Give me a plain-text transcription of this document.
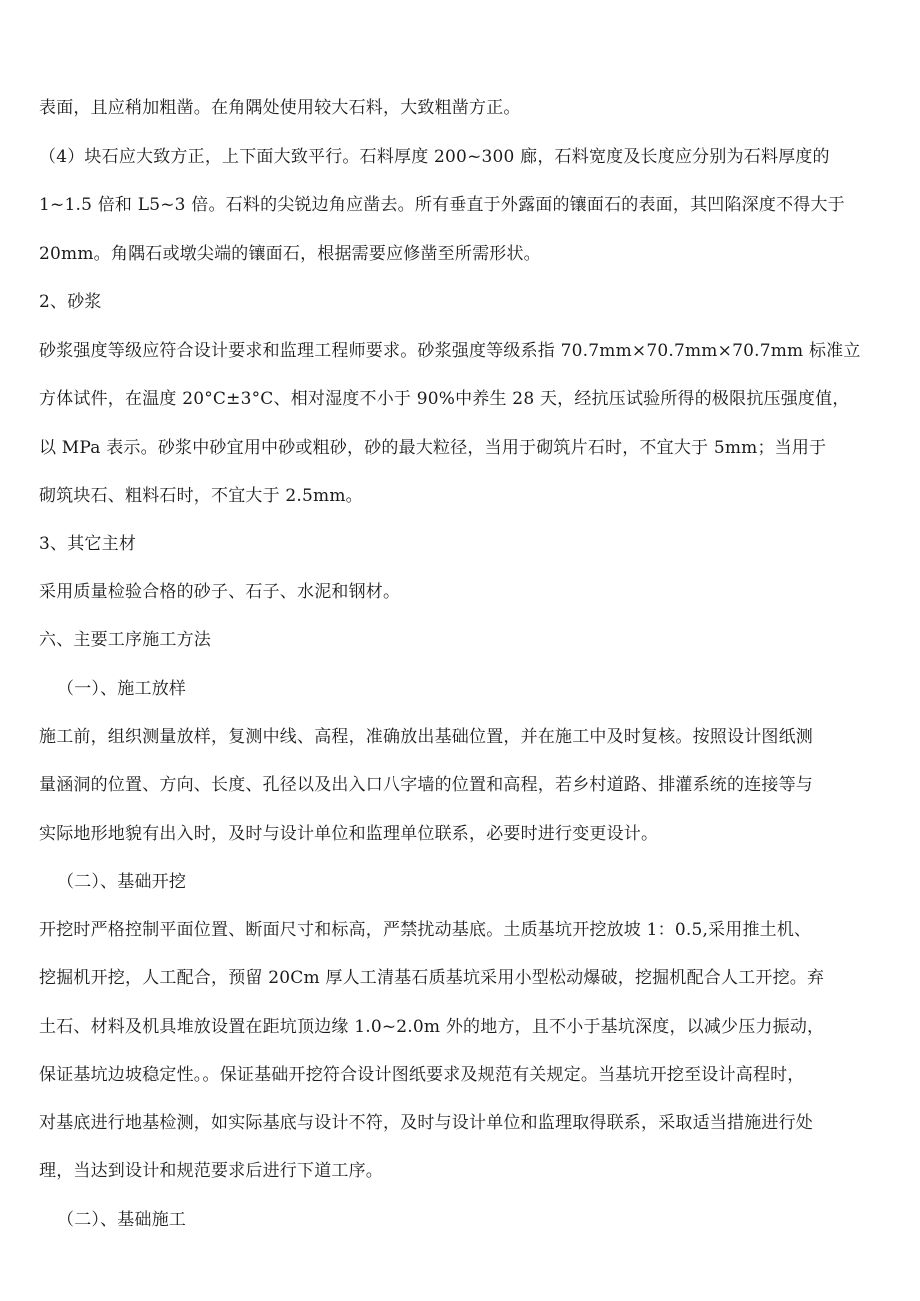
表面，且应稍加粗凿。在角隅处使用较大石料，大致粗凿方正。
（4）块石应大致方正，上下面大致平行。石料厚度 200~300 廊，石料宽度及长度应分别为石料厚度的
1~1.5 倍和 L5~3 倍。石料的尖锐边角应凿去。所有垂直于外露面的镶面石的表面，其凹陷深度不得大于
20mm。角隅石或墩尖端的镶面石，根据需要应修凿至所需形状。
2、砂浆
砂浆强度等级应符合设计要求和监理工程师要求。砂浆强度等级系指 70.7mm×70.7mm×70.7mm 标准立
方体试件，在温度 20°C±3°C、相对湿度不小于 90%中养生 28 天，经抗压试验所得的极限抗压强度值，
以 MPa 表示。砂浆中砂宜用中砂或粗砂，砂的最大粒径，当用于砌筑片石时，不宜大于 5mm；当用于
砌筑块石、粗料石时，不宜大于 2.5mm。
3、其它主材
采用质量检验合格的砂子、石子、水泥和钢材。
六、主要工序施工方法
（一）、施工放样
施工前，组织测量放样，复测中线、高程，准确放出基础位置，并在施工中及时复核。按照设计图纸测
量涵洞的位置、方向、长度、孔径以及出入口八字墙的位置和高程，若乡村道路、排灌系统的连接等与
实际地形地貌有出入时，及时与设计单位和监理单位联系，必要时进行变更设计。
（二）、基础开挖
开挖时严格控制平面位置、断面尺寸和标高，严禁扰动基底。土质基坑开挖放坡 1：0.5,采用推土机、
挖掘机开挖，人工配合，预留 20Cm 厚人工清基石质基坑采用小型松动爆破，挖掘机配合人工开挖。弃
土石、材料及机具堆放设置在距坑顶边缘 1.0~2.0m 外的地方，且不小于基坑深度，以减少压力振动，
保证基坑边坡稳定性。。保证基础开挖符合设计图纸要求及规范有关规定。当基坑开挖至设计高程时，
对基底进行地基检测，如实际基底与设计不符，及时与设计单位和监理取得联系，采取适当措施进行处
理，当达到设计和规范要求后进行下道工序。
（二）、基础施工
